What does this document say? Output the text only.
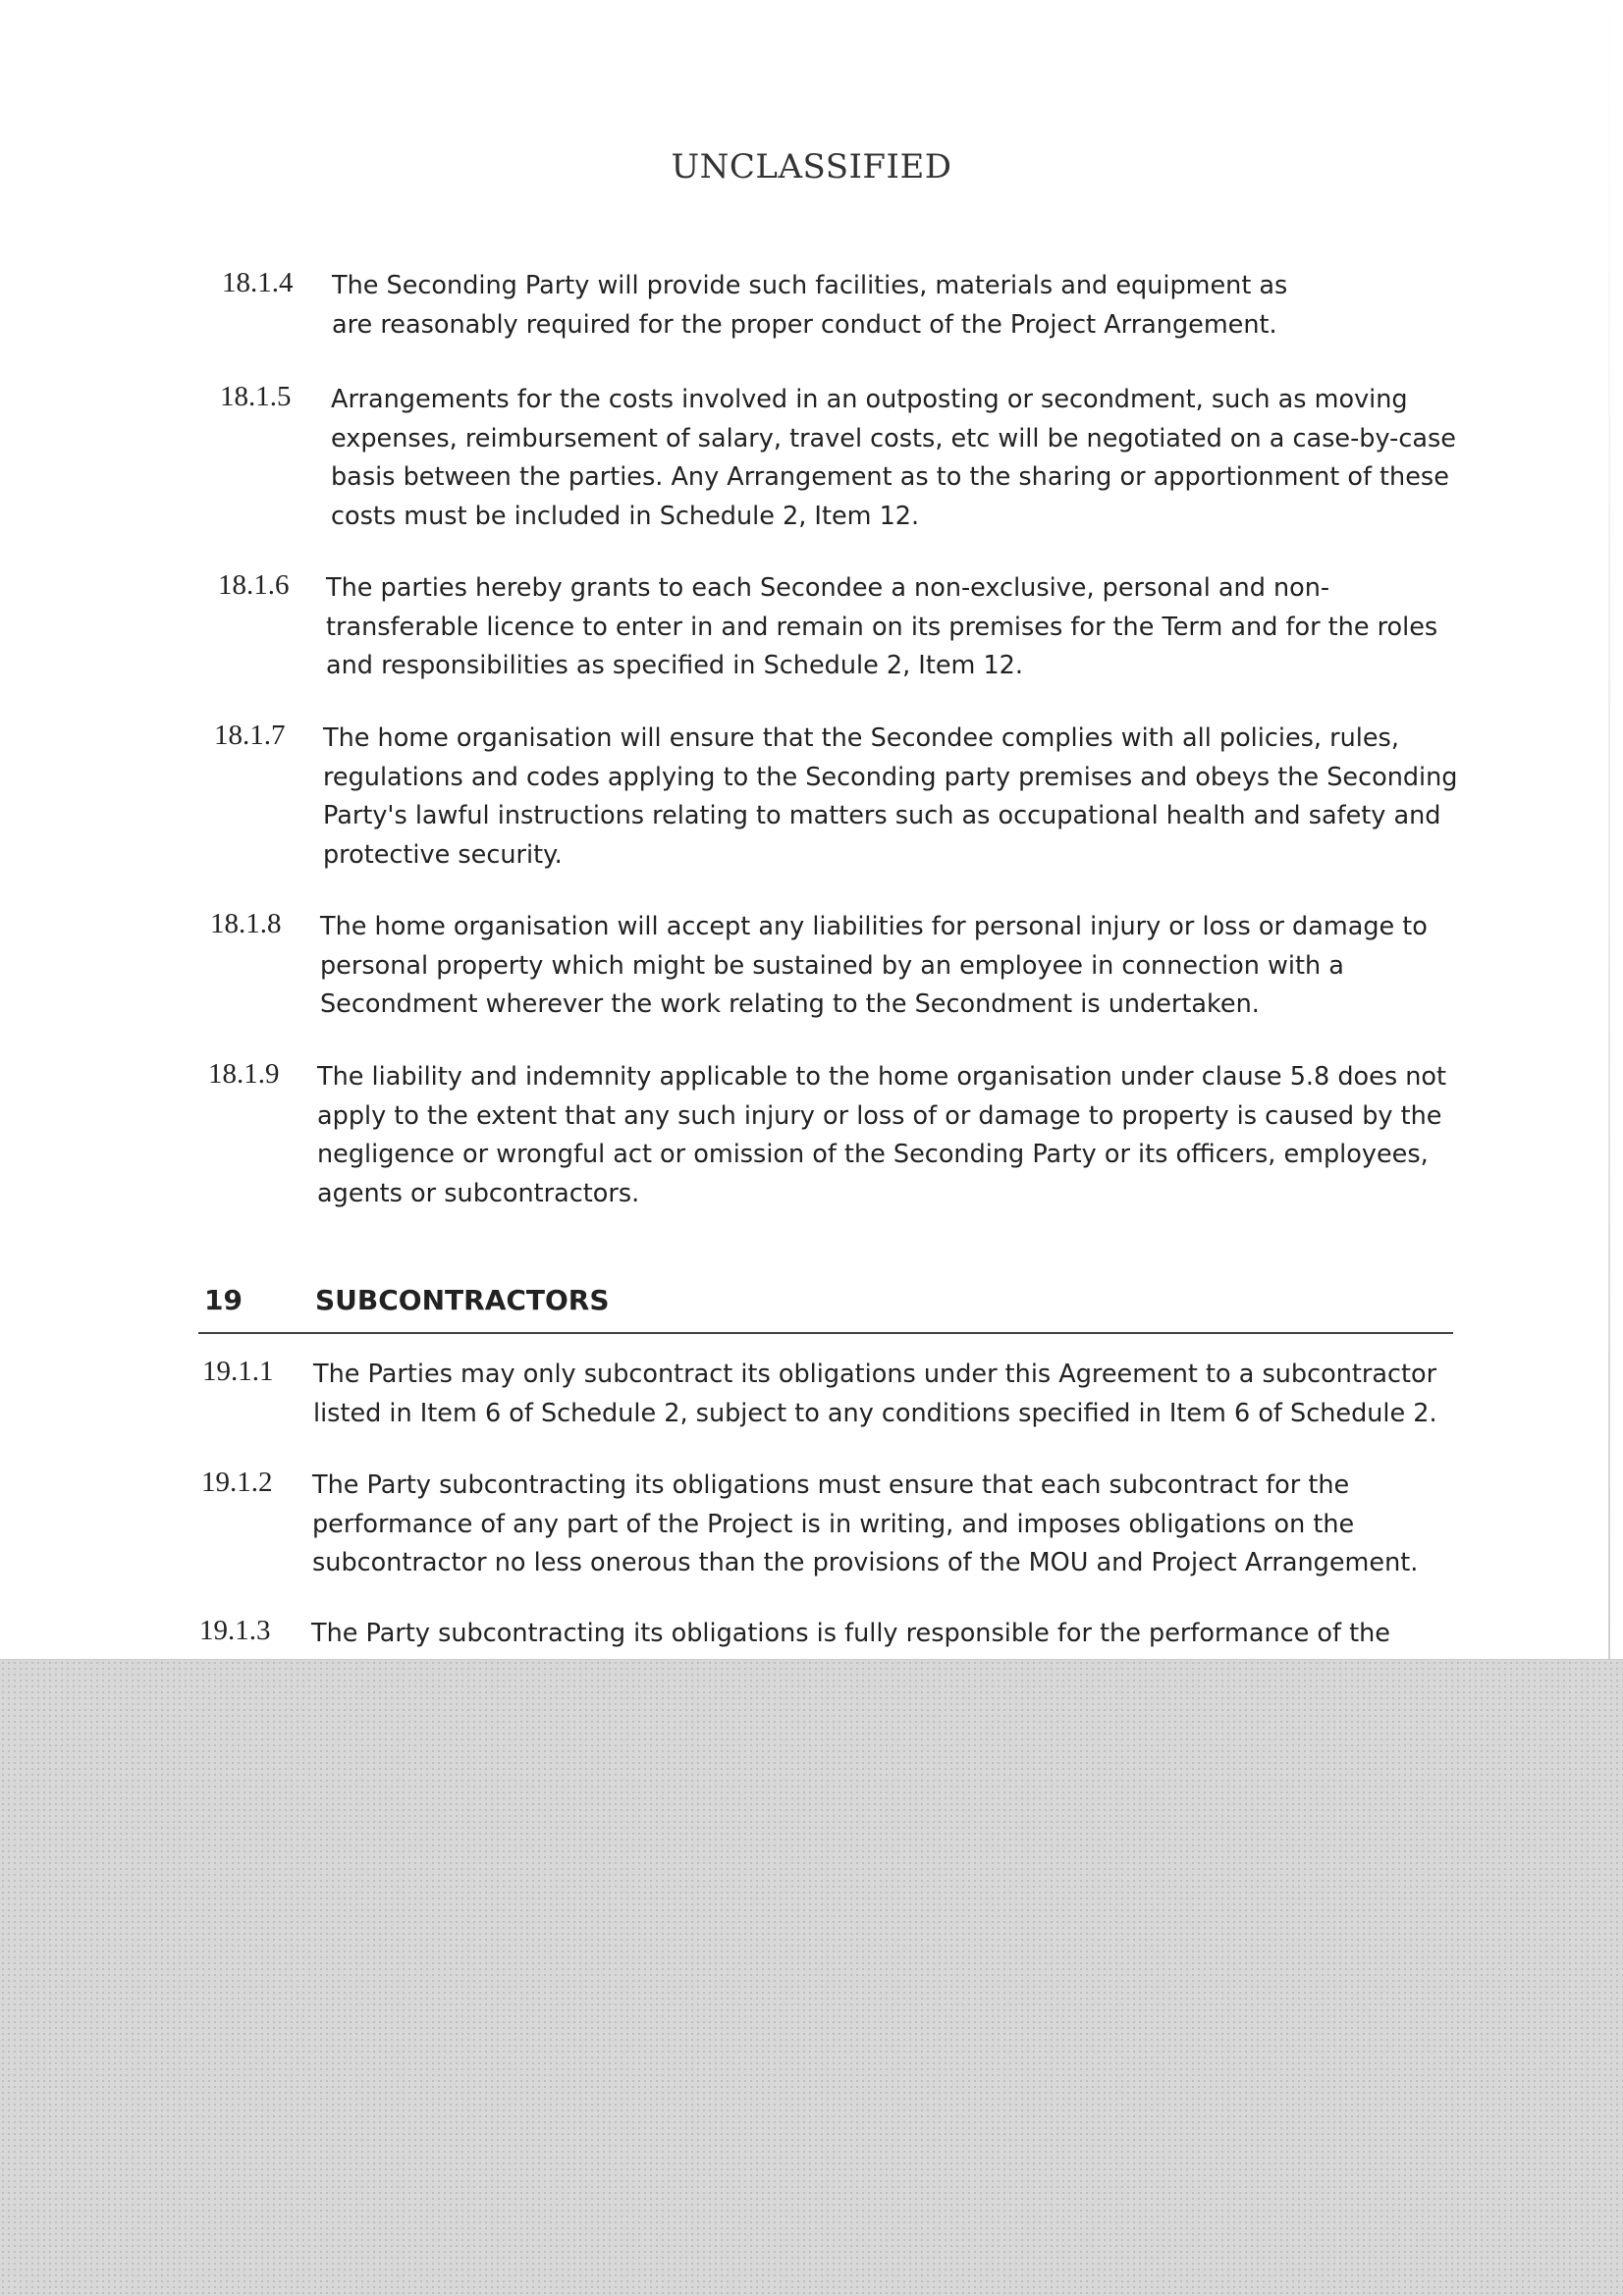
UNCLASSIFIED
18.1.4 The Seconding Party will provide such facilities, materials and equipment as are reasonably required for the proper conduct of the Project Arrangement.
18.1.5 Arrangements for the costs involved in an outposting or secondment, such as moving expenses, reimbursement of salary, travel costs, etc will be negotiated on a case-by-case basis between the parties. Any Arrangement as to the sharing or apportionment of these costs must be included in Schedule 2, Item 12.
18.1.6 The parties hereby grants to each Secondee a non-exclusive, personal and non-transferable licence to enter in and remain on its premises for the Term and for the roles and responsibilities as specified in Schedule 2, Item 12.
18.1.7 The home organisation will ensure that the Secondee complies with all policies, rules, regulations and codes applying to the Seconding party premises and obeys the Seconding Party's lawful instructions relating to matters such as occupational health and safety and protective security.
18.1.8 The home organisation will accept any liabilities for personal injury or loss or damage to personal property which might be sustained by an employee in connection with a Secondment wherever the work relating to the Secondment is undertaken.
18.1.9 The liability and indemnity applicable to the home organisation under clause 5.8 does not apply to the extent that any such injury or loss of or damage to property is caused by the negligence or wrongful act or omission of the Seconding Party or its officers, employees, agents or subcontractors.
19	SUBCONTRACTORS
19.1.1 The Parties may only subcontract its obligations under this Agreement to a subcontractor listed in Item 6 of Schedule 2, subject to any conditions specified in Item 6 of Schedule 2.
19.1.2 The Party subcontracting its obligations must ensure that each subcontract for the performance of any part of the Project is in writing, and imposes obligations on the subcontractor no less onerous than the provisions of the MOU and Project Arrangement.
19.1.3 The Party subcontracting its obligations is fully responsible for the performance of the
